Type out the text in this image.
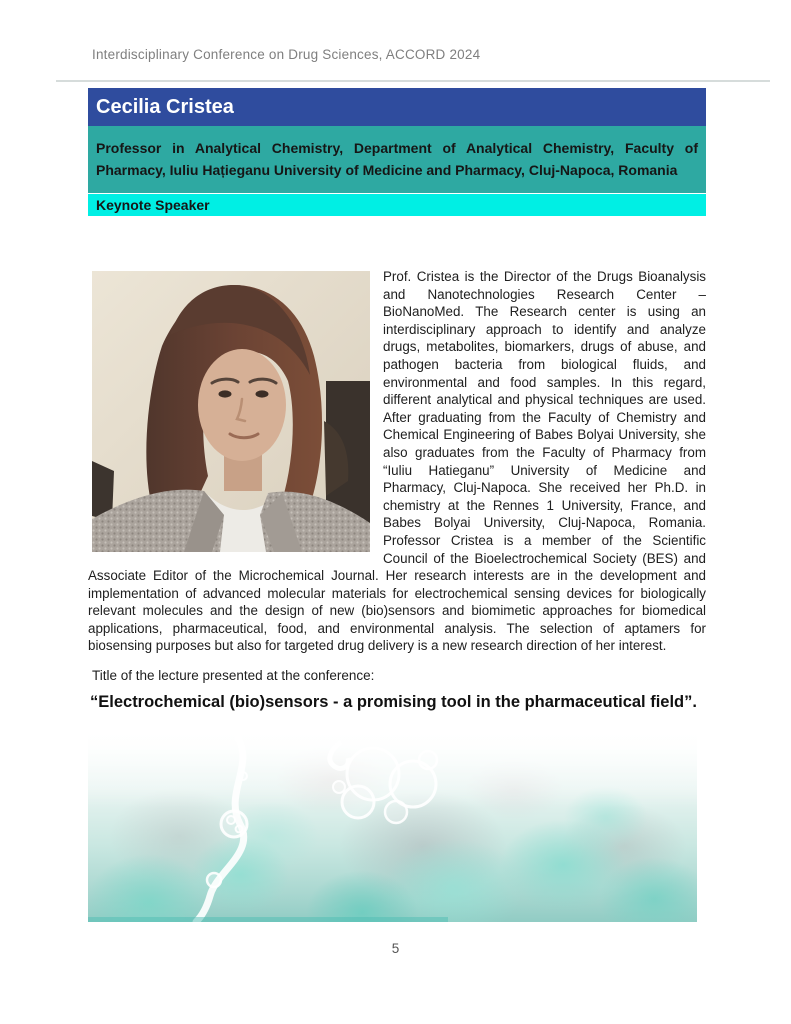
Interdisciplinary Conference on Drug Sciences, ACCORD 2024
Cecilia Cristea
Professor in Analytical Chemistry, Department of Analytical Chemistry, Faculty of Pharmacy, Iuliu Hațieganu University of Medicine and Pharmacy, Cluj-Napoca, Romania
Keynote Speaker
Prof. Cristea is the Director of the Drugs Bioanalysis and Nanotechnologies Research Center – BioNanoMed. The Research center is using an interdisciplinary approach to identify and analyze drugs, metabolites, biomarkers, drugs of abuse, and pathogen bacteria from biological fluids, and environmental and food samples. In this regard, different analytical and physical techniques are used. After graduating from the Faculty of Chemistry and Chemical Engineering of Babes Bolyai University, she also graduates from the Faculty of Pharmacy from “Iuliu Hatieganu” University of Medicine and Pharmacy, Cluj-Napoca. She received her Ph.D. in chemistry at the Rennes 1 University, France, and Babes Bolyai University, Cluj-Napoca, Romania. Professor Cristea is a member of the Scientific Council of the Bioelectrochemical Society (BES) and Associate Editor of the Microchemical Journal. Her research interests are in the development and implementation of advanced molecular materials for electrochemical sensing devices for biologically relevant molecules and the design of new (bio)sensors and biomimetic approaches for biomedical applications, pharmaceutical, food, and environmental analysis. The selection of aptamers for biosensing purposes but also for targeted drug delivery is a new research direction of her interest.
Title of the lecture presented at the conference:
“Electrochemical (bio)sensors - a promising tool in the pharmaceutical field”.
5
